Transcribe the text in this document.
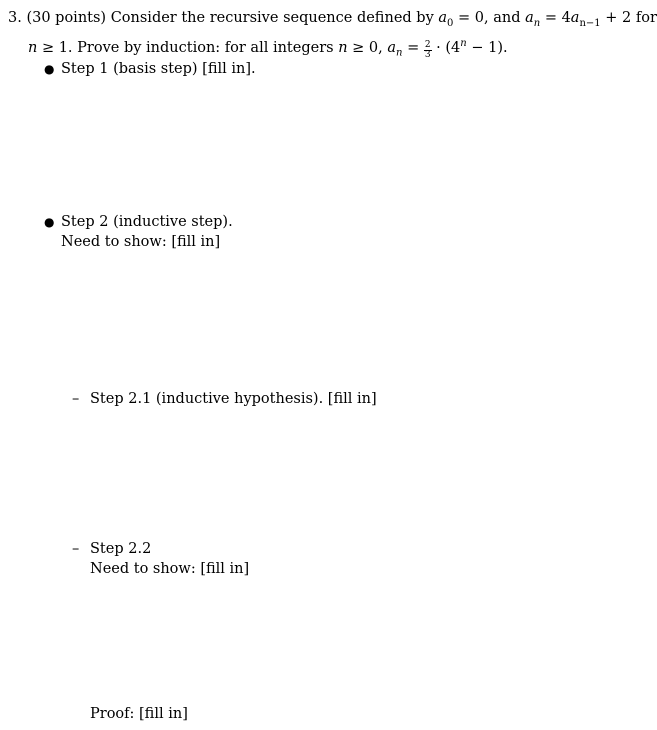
3. (30 points) Consider the recursive sequence defined by $a_0 = 0$, and $a_n = 4a_{n-1} + 2$ for
n ≥ 1. Prove by induction: for all integers n ≥ 0, $a_n = \frac{2}{3} \cdot (4^n - 1)$.
● Step 1 (basis step) [fill in].
● Step 2 (inductive step).
Need to show: [fill in]
– Step 2.1 (inductive hypothesis). [fill in]
– Step 2.2
Need to show: [fill in]
Proof: [fill in]
